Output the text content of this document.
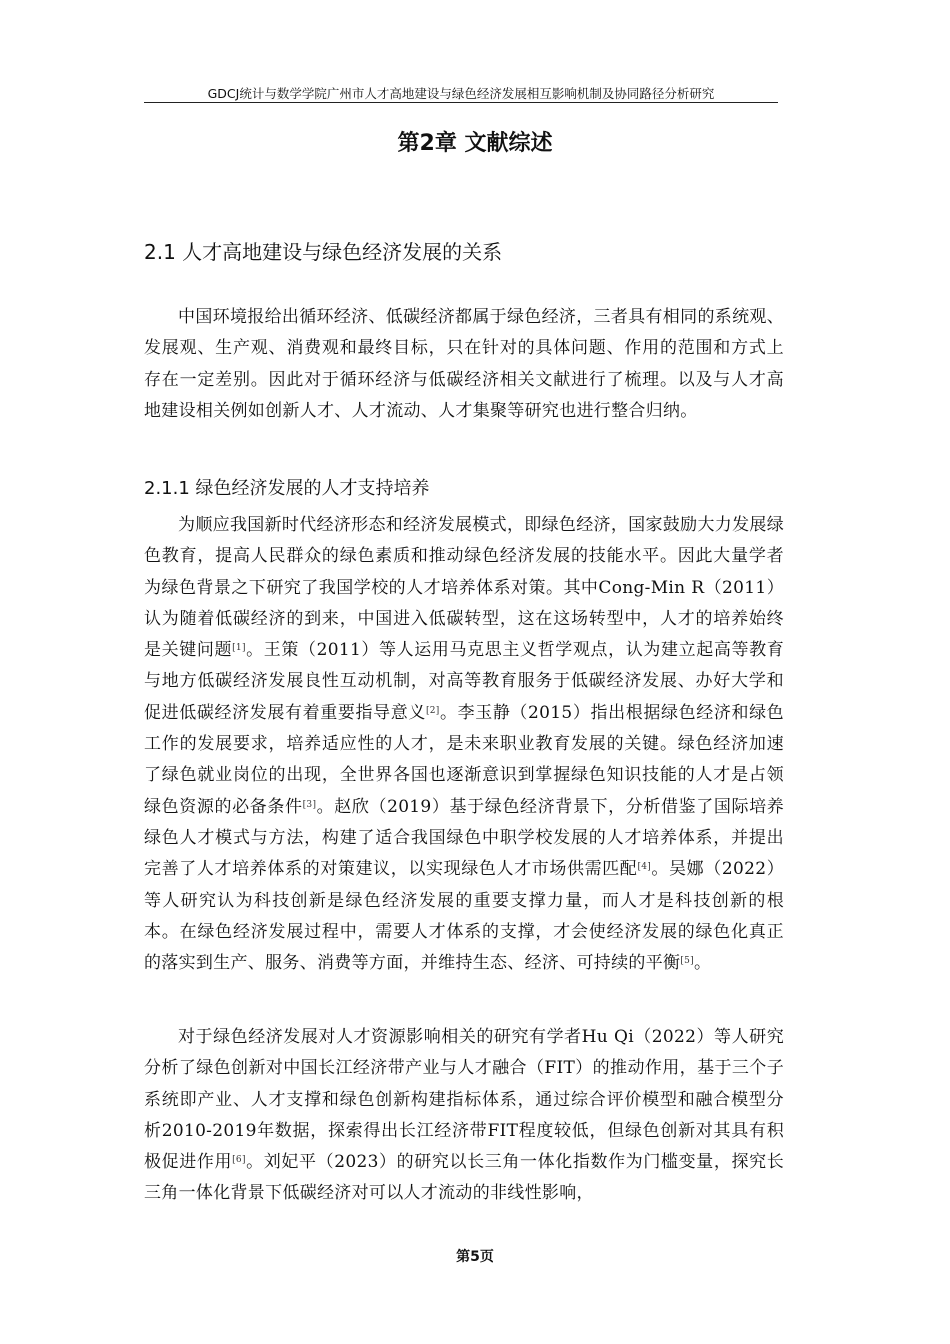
GDCJ统计与数学学院广州市人才高地建设与绿色经济发展相互影响机制及协同路径分析研究
第2章 文献综述
2.1 人才高地建设与绿色经济发展的关系

中国环境报给出循环经济、低碳经济都属于绿色经济，三者具有相同的系统观、发展观、生产观、消费观和最终目标，只在针对的具体问题、作用的范围和方式上存在一定差别。因此对于循环经济与低碳经济相关文献进行了梳理。以及与人才高地建设相关例如创新人才、人才流动、人才集聚等研究也进行整合归纳。

2.1.1 绿色经济发展的人才支持培养

为顺应我国新时代经济形态和经济发展模式，即绿色经济，国家鼓励大力发展绿色教育，提高人民群众的绿色素质和推动绿色经济发展的技能水平。因此大量学者为绿色背景之下研究了我国学校的人才培养体系对策。其中Cong-Min R（2011）认为随着低碳经济的到来，中国进入低碳转型，这在这场转型中，人才的培养始终是关键问题[1]。王策（2011）等人运用马克思主义哲学观点，认为建立起高等教育与地方低碳经济发展良性互动机制，对高等教育服务于低碳经济发展、办好大学和促进低碳经济发展有着重要指导意义[2]。李玉静（2015）指出根据绿色经济和绿色工作的发展要求，培养适应性的人才，是未来职业教育发展的关键。绿色经济加速了绿色就业岗位的出现，全世界各国也逐渐意识到掌握绿色知识技能的人才是占领绿色资源的必备条件[3]。赵欣（2019）基于绿色经济背景下，分析借鉴了国际培养绿色人才模式与方法，构建了适合我国绿色中职学校发展的人才培养体系，并提出完善了人才培养体系的对策建议，以实现绿色人才市场供需匹配[4]。吴娜（2022）等人研究认为科技创新是绿色经济发展的重要支撑力量，而人才是科技创新的根本。在绿色经济发展过程中，需要人才体系的支撑，才会使经济发展的绿色化真正的落实到生产、服务、消费等方面，并维持生态、经济、可持续的平衡[5]。

对于绿色经济发展对人才资源影响相关的研究有学者Hu Qi（2022）等人研究分析了绿色创新对中国长江经济带产业与人才融合（FIT）的推动作用，基于三个子系统即产业、人才支撑和绿色创新构建指标体系，通过综合评价模型和融合模型分析2010-2019年数据，探索得出长江经济带FIT程度较低，但绿色创新对其具有积极促进作用[6]。刘妃平（2023）的研究以长三角一体化指数作为门槛变量，探究长三角一体化背景下低碳经济对可以人才流动的非线性影响，

第5页
